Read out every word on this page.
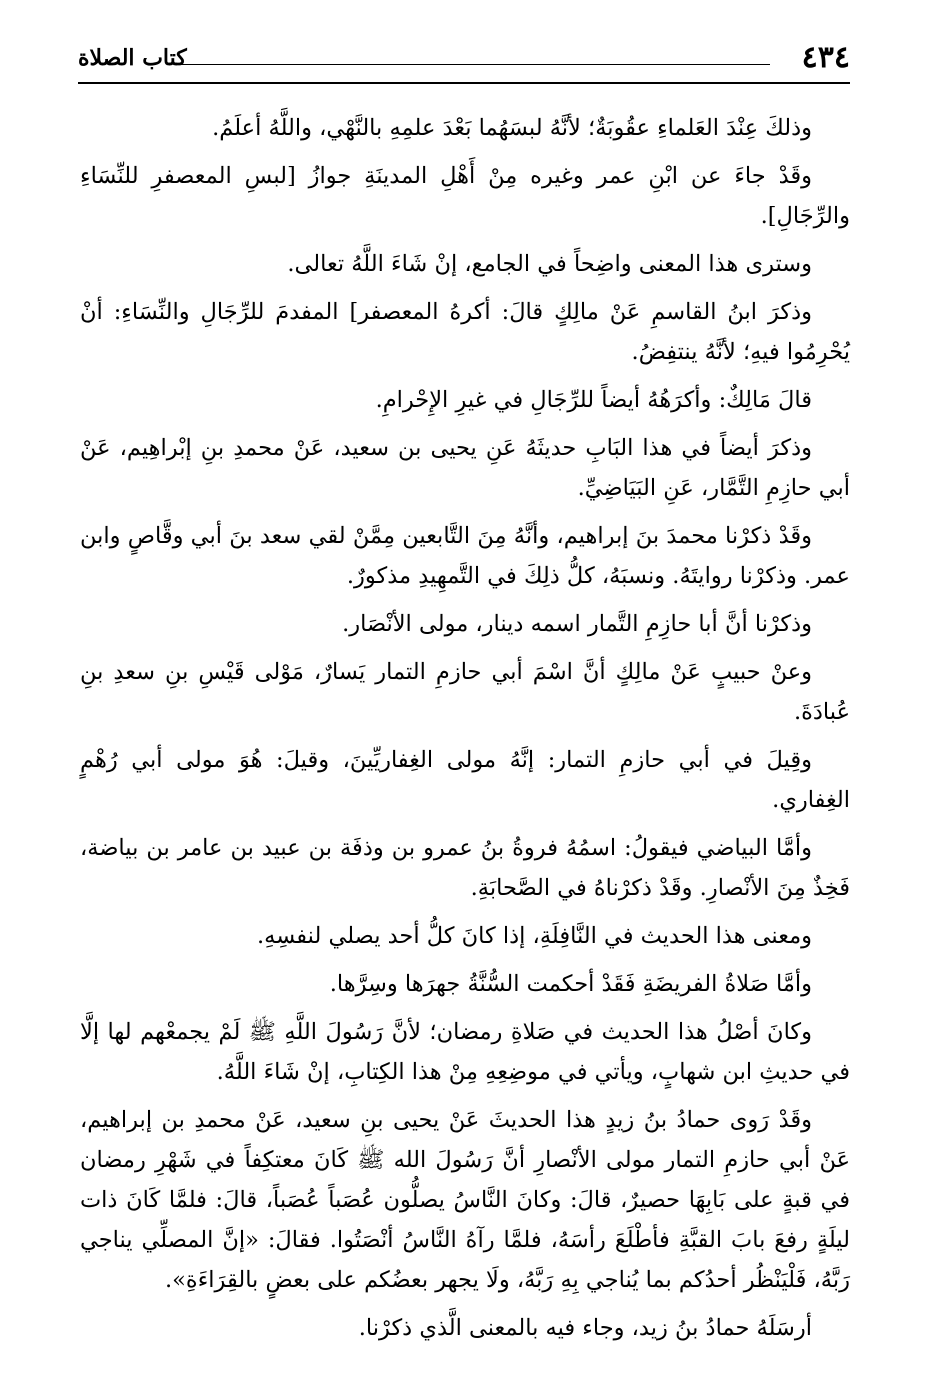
٤٣٤
كتاب الصلاة

وذلكَ عِنْدَ العَلماءِ عقُوبَةٌ؛ لأنَّهُ لبسَهُما بَعْدَ علمِهِ بالنَّهْي، واللَّهُ أعلَمُ.

وقَدْ جاءَ عن ابْنِ عمر وغيره مِنْ أَهْلِ المدينَةِ جوازُ [لبسِ المعصفرِ للنِّسَاءِ والرِّجَالِ].

وسترى هذا المعنى واضِحاً في الجامع، إنْ شَاءَ اللَّهُ تعالى.

وذكرَ ابنُ القاسمِ عَنْ مالِكٍ قالَ: أكرهُ المعصفر] المفدمَ للرِّجَالِ والنِّسَاءِ: أنْ يُحْرِمُوا فيهِ؛ لأنَّهُ ينتفِضُ.

قالَ مَالِكٌ: وأكرَهُهُ أيضاً للرِّجَالِ في غيرِ الإِحْرامِ.

وذكرَ أيضاً في هذا البَابِ حديثَهُ عَنِ يحيى بن سعيد، عَنْ محمدِ بنِ إبْراهِيم، عَنْ أبي حازِمِ التَّمَّار، عَنِ البَيَاضِيِّ.

وقَدْ ذكرْنا محمدَ بنَ إبراهيم، وأنَّهُ مِنَ التَّابعين مِمَّنْ لقي سعد بنَ أبي وقَّاصٍ وابن عمر. وذكرْنا روايتَهُ. ونسبَهُ، كلُّ ذلِكَ في التَّمهِيدِ مذكورٌ.

وذكرْنا أنَّ أبا حازِمِ التَّمار اسمه دينار، مولى الأنْصَار.

وعنْ حبيبٍ عَنْ مالِكٍ أنَّ اسْمَ أبي حازمِ التمار يَسارٌ، مَوْلى قَيْسِ بنِ سعدِ بنِ عُبادَةَ.

وقِيلَ في أبي حازمِ التمار: إنَّهُ مولى الغِفاريِّينَ، وقيلَ: هُوَ مولى أبي رُهْمٍ الغِفاري.

وأمَّا البياضي فيقولُ: اسمُهُ فروةُ بنُ عمرو بن وذفَة بن عبيد بن عامر بن بياضة، فَخِذٌ مِنَ الأنْصارِ. وقَدْ ذكرْناهُ في الصَّحابَةِ.

ومعنى هذا الحديث في النَّافِلَةِ، إذا كانَ كلُّ أحد يصلي لنفسِهِ.

وأمَّا صَلاةُ الفريضَةِ فَقَدْ أحكمت السُّنَّةُ جهرَها وسِرَّها.

وكانَ أصْلُ هذا الحديث في صَلاةِ رمضان؛ لأنَّ رَسُولَ اللَّهِ ﷺ لَمْ يجمعْهم لها إلَّا في حديثِ ابن شهابٍ، ويأتي في موضِعِهِ مِنْ هذا الكِتابِ، إنْ شَاءَ اللَّهُ.

وقَدْ رَوى حمادُ بنُ زيدٍ هذا الحديثَ عَنْ يحيى بنِ سعيد، عَنْ محمدِ بن إبراهيم، عَنْ أبي حازمِ التمار مولى الأنْصارِ أنَّ رَسُولَ الله ﷺ كَانَ معتكِفاً في شَهْرِ رمضان في قبةٍ على بَابِهَا حصيرٌ، قالَ: وكانَ النَّاسُ يصلُّون عُصَباً عُصَباً، قالَ: فلمَّا كَانَ ذات ليلَةٍ رفعَ بابَ القبَّةِ فأطْلَعَ رأسَهُ، فلمَّا رآهُ النَّاسُ أنْصَتُوا. فقالَ: «إنَّ المصلِّي يناجي رَبَّهُ، فَلْيَنْظُر أحدُكم بما يُناجي بِهِ رَبَّهُ، ولَا يجهر بعضُكم على بعضٍ بالقِرَاءَةِ».

أرسَلَهُ حمادُ بنُ زيد، وجاء فيه بالمعنى الَّذي ذكرْنا.
